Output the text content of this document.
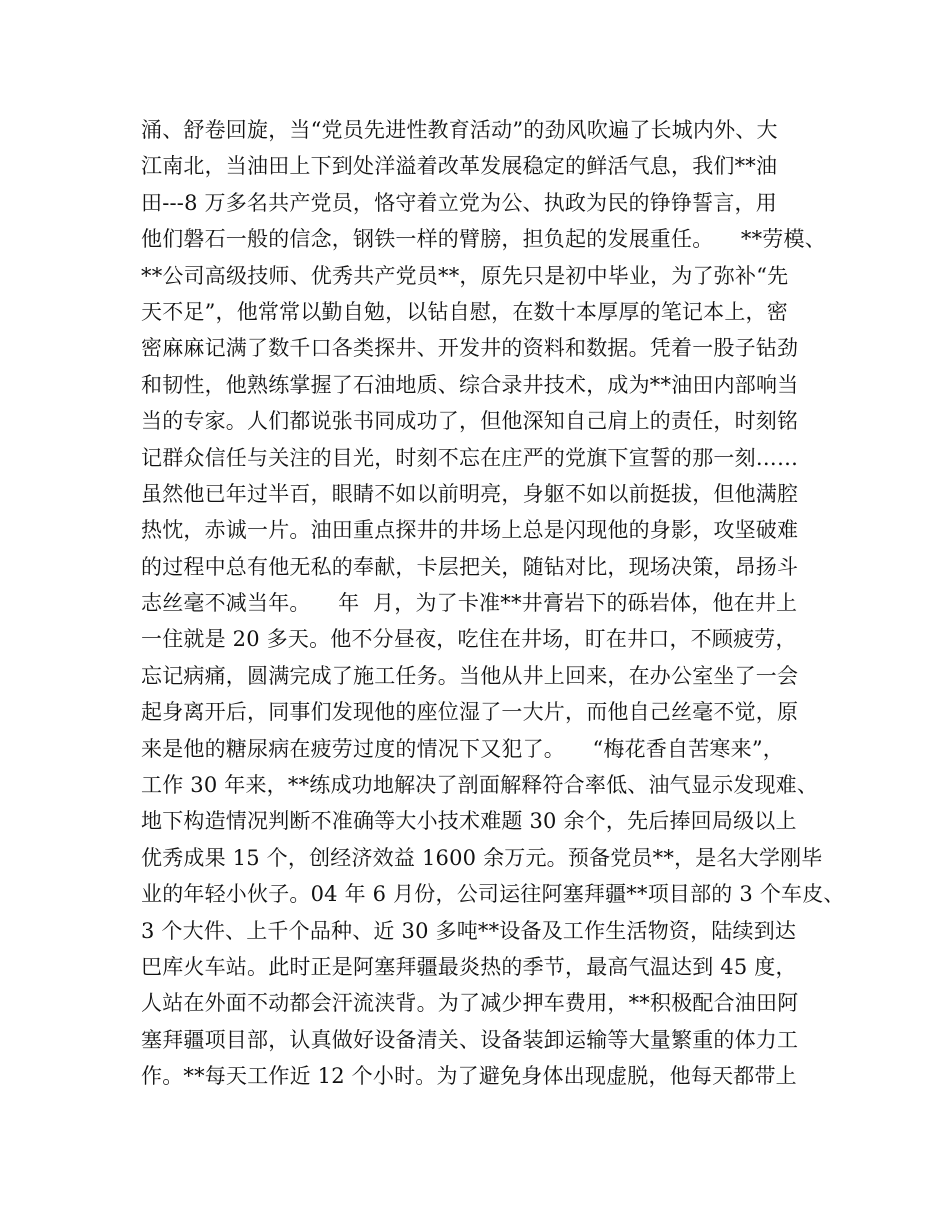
涌、舒卷回旋，当“党员先进性教育活动”的劲风吹遍了长城内外、大
江南北，当油田上下到处洋溢着改革发展稳定的鲜活气息，我们**油
田---8 万多名共产党员，恪守着立党为公、执政为民的铮铮誓言，用
他们磐石一般的信念，钢铁一样的臂膀，担负起的发展重任。    **劳模、
**公司高级技师、优秀共产党员**，原先只是初中毕业，为了弥补“先
天不足”，他常常以勤自勉，以钻自慰，在数十本厚厚的笔记本上，密
密麻麻记满了数千口各类探井、开发井的资料和数据。凭着一股子钻劲
和韧性，他熟练掌握了石油地质、综合录井技术，成为**油田内部响当
当的专家。人们都说张书同成功了，但他深知自己肩上的责任，时刻铭
记群众信任与关注的目光，时刻不忘在庄严的党旗下宣誓的那一刻……
虽然他已年过半百，眼睛不如以前明亮，身躯不如以前挺拔，但他满腔
热忱，赤诚一片。油田重点探井的井场上总是闪现他的身影，攻坚破难
的过程中总有他无私的奉献，卡层把关，随钻对比，现场决策，昂扬斗
志丝毫不减当年。    年  月，为了卡准**井膏岩下的砾岩体，他在井上
一住就是 20 多天。他不分昼夜，吃住在井场，盯在井口，不顾疲劳，
忘记病痛，圆满完成了施工任务。当他从井上回来，在办公室坐了一会
起身离开后，同事们发现他的座位湿了一大片，而他自己丝毫不觉，原
来是他的糖尿病在疲劳过度的情况下又犯了。    “梅花香自苦寒来”，
工作 30 年来，**练成功地解决了剖面解释符合率低、油气显示发现难、
地下构造情况判断不准确等大小技术难题 30 余个，先后捧回局级以上
优秀成果 15 个，创经济效益 1600 余万元。预备党员**，是名大学刚毕
业的年轻小伙子。04 年 6 月份，公司运往阿塞拜疆**项目部的 3 个车皮、
3 个大件、上千个品种、近 30 多吨**设备及工作生活物资，陆续到达
巴库火车站。此时正是阿塞拜疆最炎热的季节，最高气温达到 45 度，
人站在外面不动都会汗流浃背。为了减少押车费用，**积极配合油田阿
塞拜疆项目部，认真做好设备清关、设备装卸运输等大量繁重的体力工
作。**每天工作近 12 个小时。为了避免身体出现虚脱，他每天都带上
